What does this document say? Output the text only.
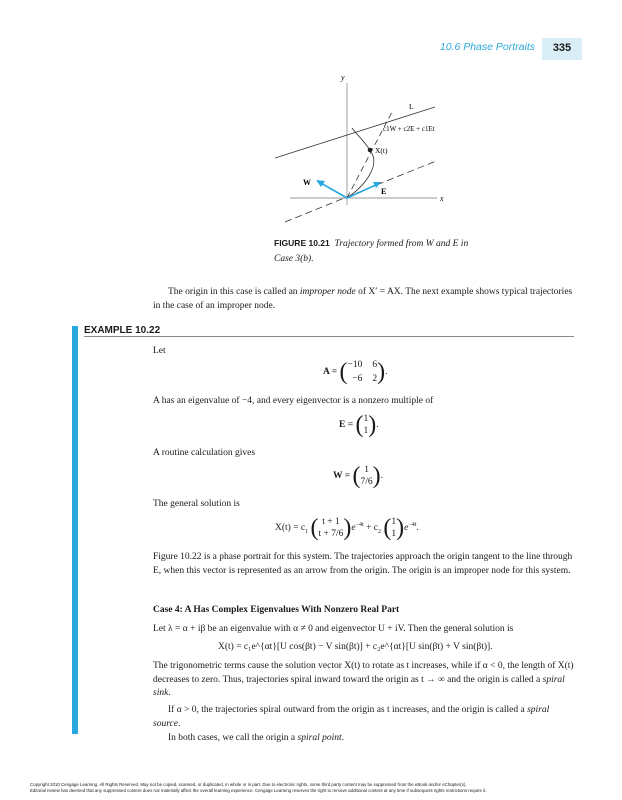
10.6 Phase Portraits	335
y
x
L
c1W + c2E + c1Et
X(t)
W
E
FIGURE 10.21 Trajectory formed from W and E in Case 3(b).
The origin in this case is called an improper node of X′ = AX. The next example shows typical trajectories in the case of an improper node.
EXAMPLE 10.22
Let
A = ( −10 6
−6 2 ).
A has an eigenvalue of −4, and every eigenvector is a nonzero multiple of
E = (1
1).
A routine calculation gives
W = ( 1
7/6).
The general solution is
$X(t) = c_1$ ( t + 1
$t + 7/6)e^{-4t} + c_2$ (1
$1)e^{-4t}$.
Figure 10.22 is a phase portrait for this system. The trajectories approach the origin tangent to the line through E, when this vector is represented as an arrow from the origin. The origin is an improper node for this system.
Case 4: A Has Complex Eigenvalues With Nonzero Real Part
Let λ = α + iβ be an eigenvalue with α ≠ 0 and eigenvector U + iV. Then the general solution is
X(t) = c₁e^{αt}[U cos(βt) − V sin(βt)] + c₂e^{αt}[U sin(βt) + V sin(βt)].
The trigonometric terms cause the solution vector X(t) to rotate as t increases, while if α < 0, the length of X(t) decreases to zero. Thus, trajectories spiral inward toward the origin as t → ∞ and the origin is called a spiral sink.
If α > 0, the trajectories spiral outward from the origin as t increases, and the origin is called a spiral source.
In both cases, we call the origin a spiral point.
Copyright 2010 Cengage Learning. All Rights Reserved. May not be copied, scanned, or duplicated, in whole or in part. Due to electronic rights, some third party content may be suppressed from the eBook and/or eChapter(s).
Editorial review has deemed that any suppressed content does not materially affect the overall learning experience. Cengage Learning reserves the right to remove additional content at any time if subsequent rights restrictions require it.
